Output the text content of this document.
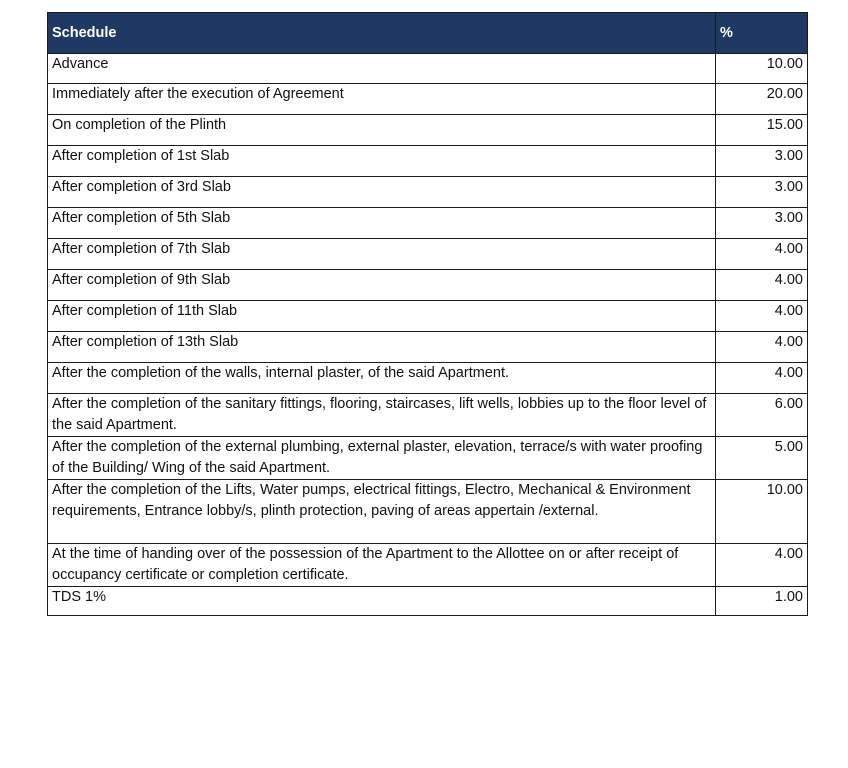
Schedule	%
Advance	10.00
Immediately after the execution of Agreement	20.00
On completion of the Plinth	15.00
After completion of 1st Slab	3.00
After completion of 3rd Slab	3.00
After completion of 5th Slab	3.00
After completion of 7th Slab	4.00
After completion of 9th Slab	4.00
After completion of 11th Slab	4.00
After completion of 13th Slab	4.00
After the completion of the walls, internal plaster, of the said Apartment.	4.00
After the completion of the sanitary fittings, flooring, staircases, lift wells, lobbies up to the floor level of the said Apartment.	6.00
After the completion of the external plumbing, external plaster, elevation, terrace/s with water proofing of the Building/ Wing of the said Apartment.	5.00
After the completion of the Lifts, Water pumps, electrical fittings, Electro, Mechanical & Environment requirements, Entrance lobby/s, plinth protection, paving of areas appertain /external.	10.00
At the time of handing over of the possession of the Apartment to the Allottee on or after receipt of occupancy certificate or completion certificate.	4.00
TDS 1%	1.00
